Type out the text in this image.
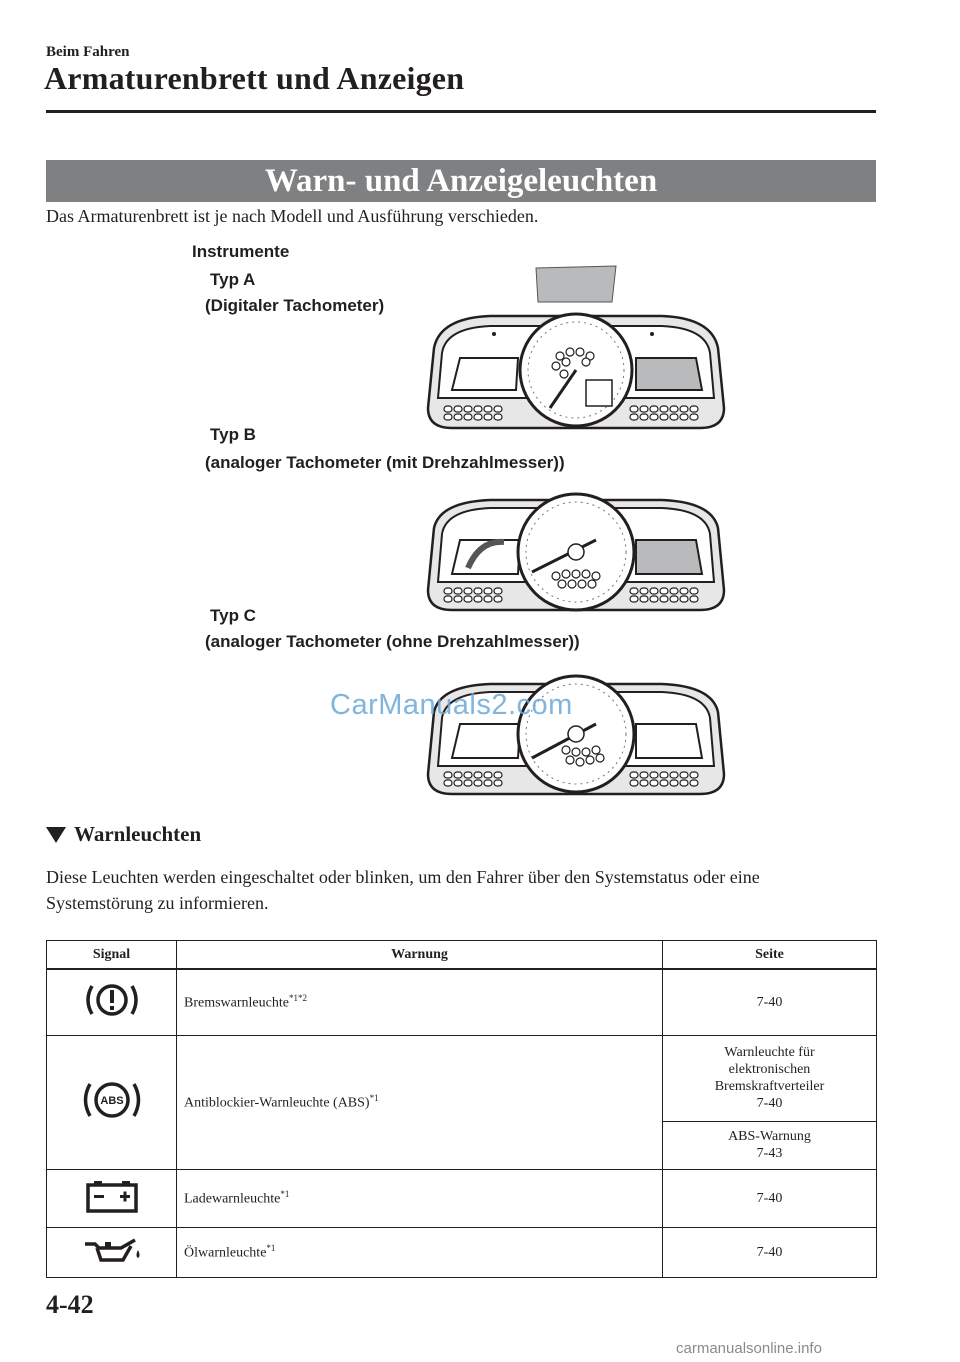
Beim Fahren
Armaturenbrett und Anzeigen
Warn- und Anzeigeleuchten
Das Armaturenbrett ist je nach Modell und Ausführung verschieden.
Instrumente
Typ A
(Digitaler Tachometer)
Typ B
(analoger Tachometer (mit Drehzahlmesser))
Typ C
(analoger Tachometer (ohne Drehzahlmesser))
CarManuals2.com
Warnleuchten
Diese Leuchten werden eingeschaltet oder blinken, um den Fahrer über den Systemstatus oder eine Systemstörung zu informieren.
Signal	Warnung	Seite
	Bremswarnleuchte$^{*1*2}$	7-40

ABS	Antiblockier-Warnleuchte (ABS)$^{*1}$	Warnleuchte für
elektronischen
Bremskraftverteiler
7-40

		ABS-Warnung
7-43

	Ladewarnleuchte$^{*1}$	7-40
	Ölwarnleuchte$^{*1}$	7-40
4-42
carmanualsonline.info
